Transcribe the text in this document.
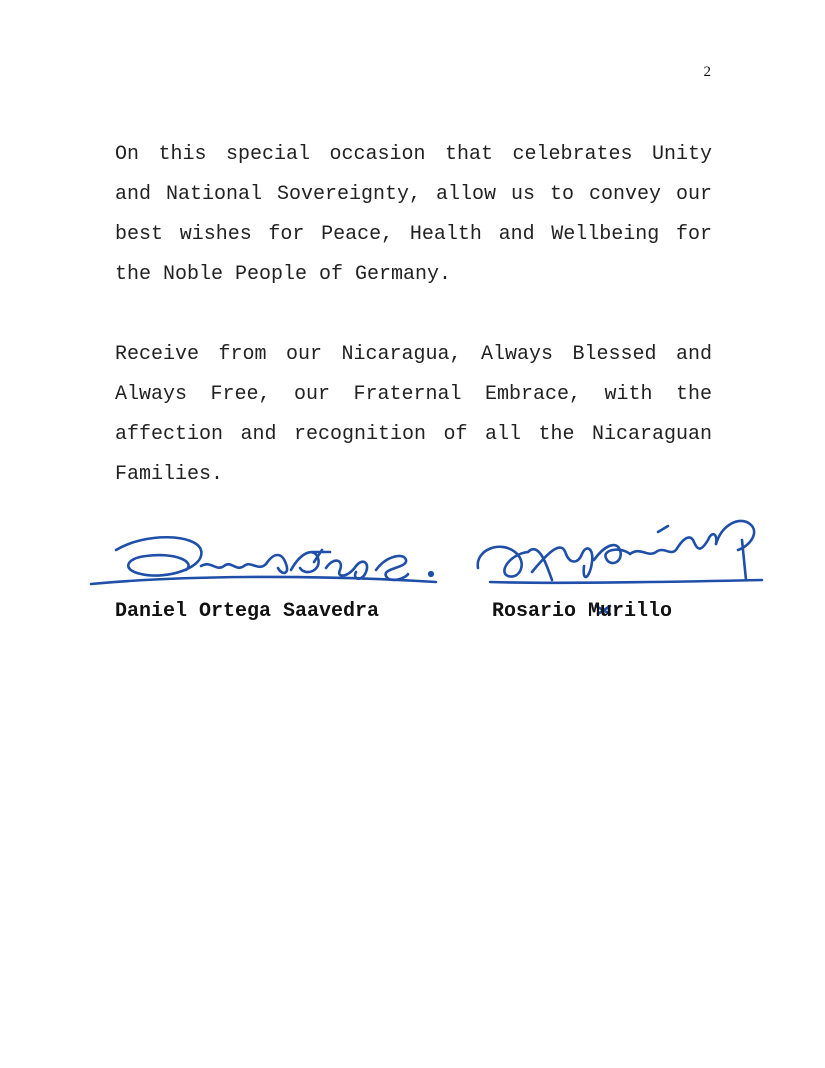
2

On this special occasion that celebrates Unity and National Sovereignty, allow us to convey our best wishes for Peace, Health and Wellbeing for the Noble People of Germany.

Receive from our Nicaragua, Always Blessed and Always Free, our Fraternal Embrace, with the affection and recognition of all the Nicaraguan Families.

Daniel Ortega Saavedra	Rosario Murillo
